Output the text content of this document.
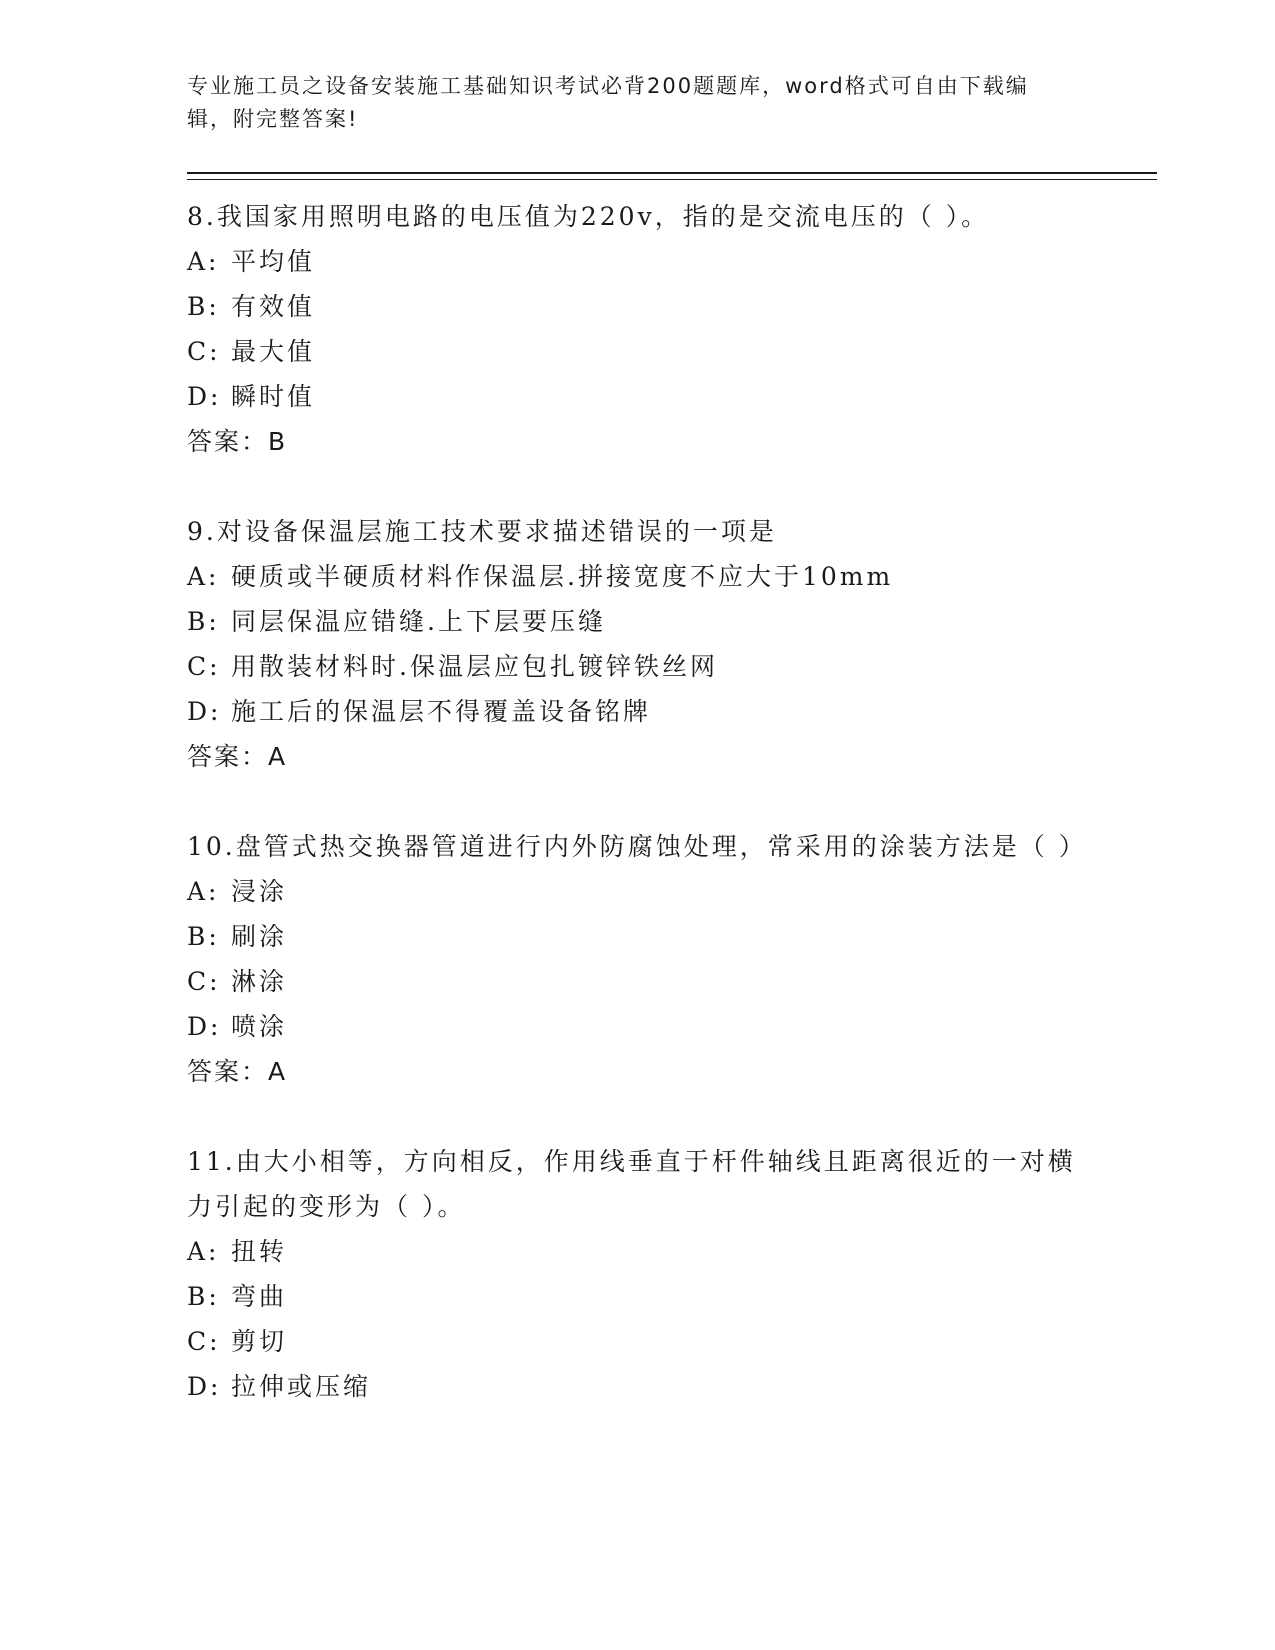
专业施工员之设备安装施工基础知识考试必背200题题库，word格式可自由下载编辑，附完整答案!

8.我国家用照明电路的电压值为220v，指的是交流电压的（ ）。

A: 平均值

B: 有效值

C: 最大值

D: 瞬时值

答案：B

9.对设备保温层施工技术要求描述错误的一项是

A: 硬质或半硬质材料作保温层.拼接宽度不应大于10mm

B: 同层保温应错缝.上下层要压缝

C: 用散装材料时.保温层应包扎镀锌铁丝网

D: 施工后的保温层不得覆盖设备铭牌

答案：A

10.盘管式热交换器管道进行内外防腐蚀处理，常采用的涂装方法是（ ）

A: 浸涂

B: 刷涂

C: 淋涂

D: 喷涂

答案：A

11.由大小相等，方向相反，作用线垂直于杆件轴线且距离很近的一对横力引起的变形为（ ）。

A: 扭转

B: 弯曲

C: 剪切

D: 拉伸或压缩
